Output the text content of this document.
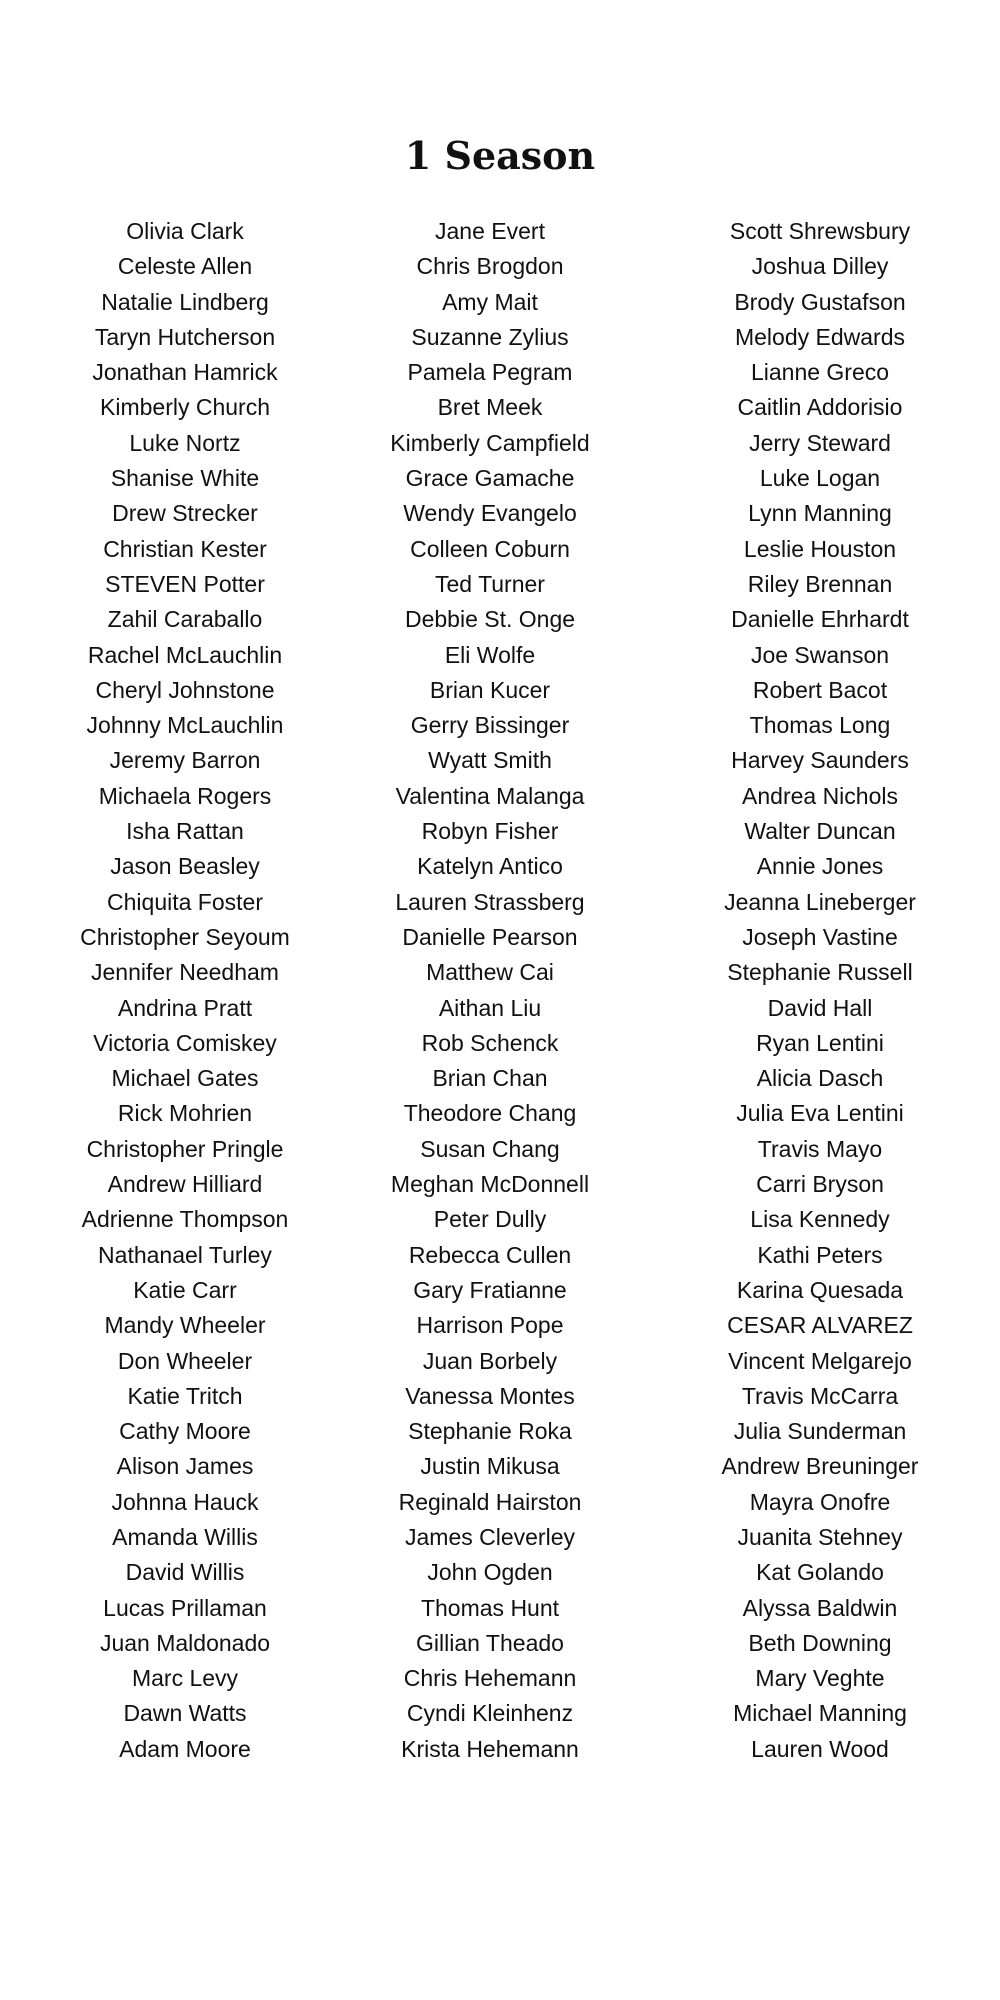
1 Season
Olivia Clark
Celeste Allen
Natalie Lindberg
Taryn Hutcherson
Jonathan Hamrick
Kimberly Church
Luke Nortz
Shanise White
Drew Strecker
Christian Kester
STEVEN Potter
Zahil Caraballo
Rachel McLauchlin
Cheryl Johnstone
Johnny McLauchlin
Jeremy Barron
Michaela Rogers
Isha Rattan
Jason Beasley
Chiquita Foster
Christopher Seyoum
Jennifer Needham
Andrina Pratt
Victoria Comiskey
Michael Gates
Rick Mohrien
Christopher Pringle
Andrew Hilliard
Adrienne Thompson
Nathanael Turley
Katie Carr
Mandy Wheeler
Don Wheeler
Katie Tritch
Cathy Moore
Alison James
Johnna Hauck
Amanda Willis
David Willis
Lucas Prillaman
Juan Maldonado
Marc Levy
Dawn Watts
Adam Moore
Jane Evert
Chris Brogdon
Amy Mait
Suzanne Zylius
Pamela Pegram
Bret Meek
Kimberly Campfield
Grace Gamache
Wendy Evangelo
Colleen Coburn
Ted Turner
Debbie St. Onge
Eli Wolfe
Brian Kucer
Gerry Bissinger
Wyatt Smith
Valentina Malanga
Robyn Fisher
Katelyn Antico
Lauren Strassberg
Danielle Pearson
Matthew Cai
Aithan Liu
Rob Schenck
Brian Chan
Theodore Chang
Susan Chang
Meghan McDonnell
Peter Dully
Rebecca Cullen
Gary Fratianne
Harrison Pope
Juan Borbely
Vanessa Montes
Stephanie Roka
Justin Mikusa
Reginald Hairston
James Cleverley
John Ogden
Thomas Hunt
Gillian Theado
Chris Hehemann
Cyndi Kleinhenz
Krista Hehemann
Scott Shrewsbury
Joshua Dilley
Brody Gustafson
Melody Edwards
Lianne Greco
Caitlin Addorisio
Jerry Steward
Luke Logan
Lynn Manning
Leslie Houston
Riley Brennan
Danielle Ehrhardt
Joe Swanson
Robert Bacot
Thomas Long
Harvey Saunders
Andrea Nichols
Walter Duncan
Annie Jones
Jeanna Lineberger
Joseph Vastine
Stephanie Russell
David Hall
Ryan Lentini
Alicia Dasch
Julia Eva Lentini
Travis Mayo
Carri Bryson
Lisa Kennedy
Kathi Peters
Karina Quesada
CESAR ALVAREZ
Vincent Melgarejo
Travis McCarra
Julia Sunderman
Andrew Breuninger
Mayra Onofre
Juanita Stehney
Kat Golando
Alyssa Baldwin
Beth Downing
Mary Veghte
Michael Manning
Lauren Wood
